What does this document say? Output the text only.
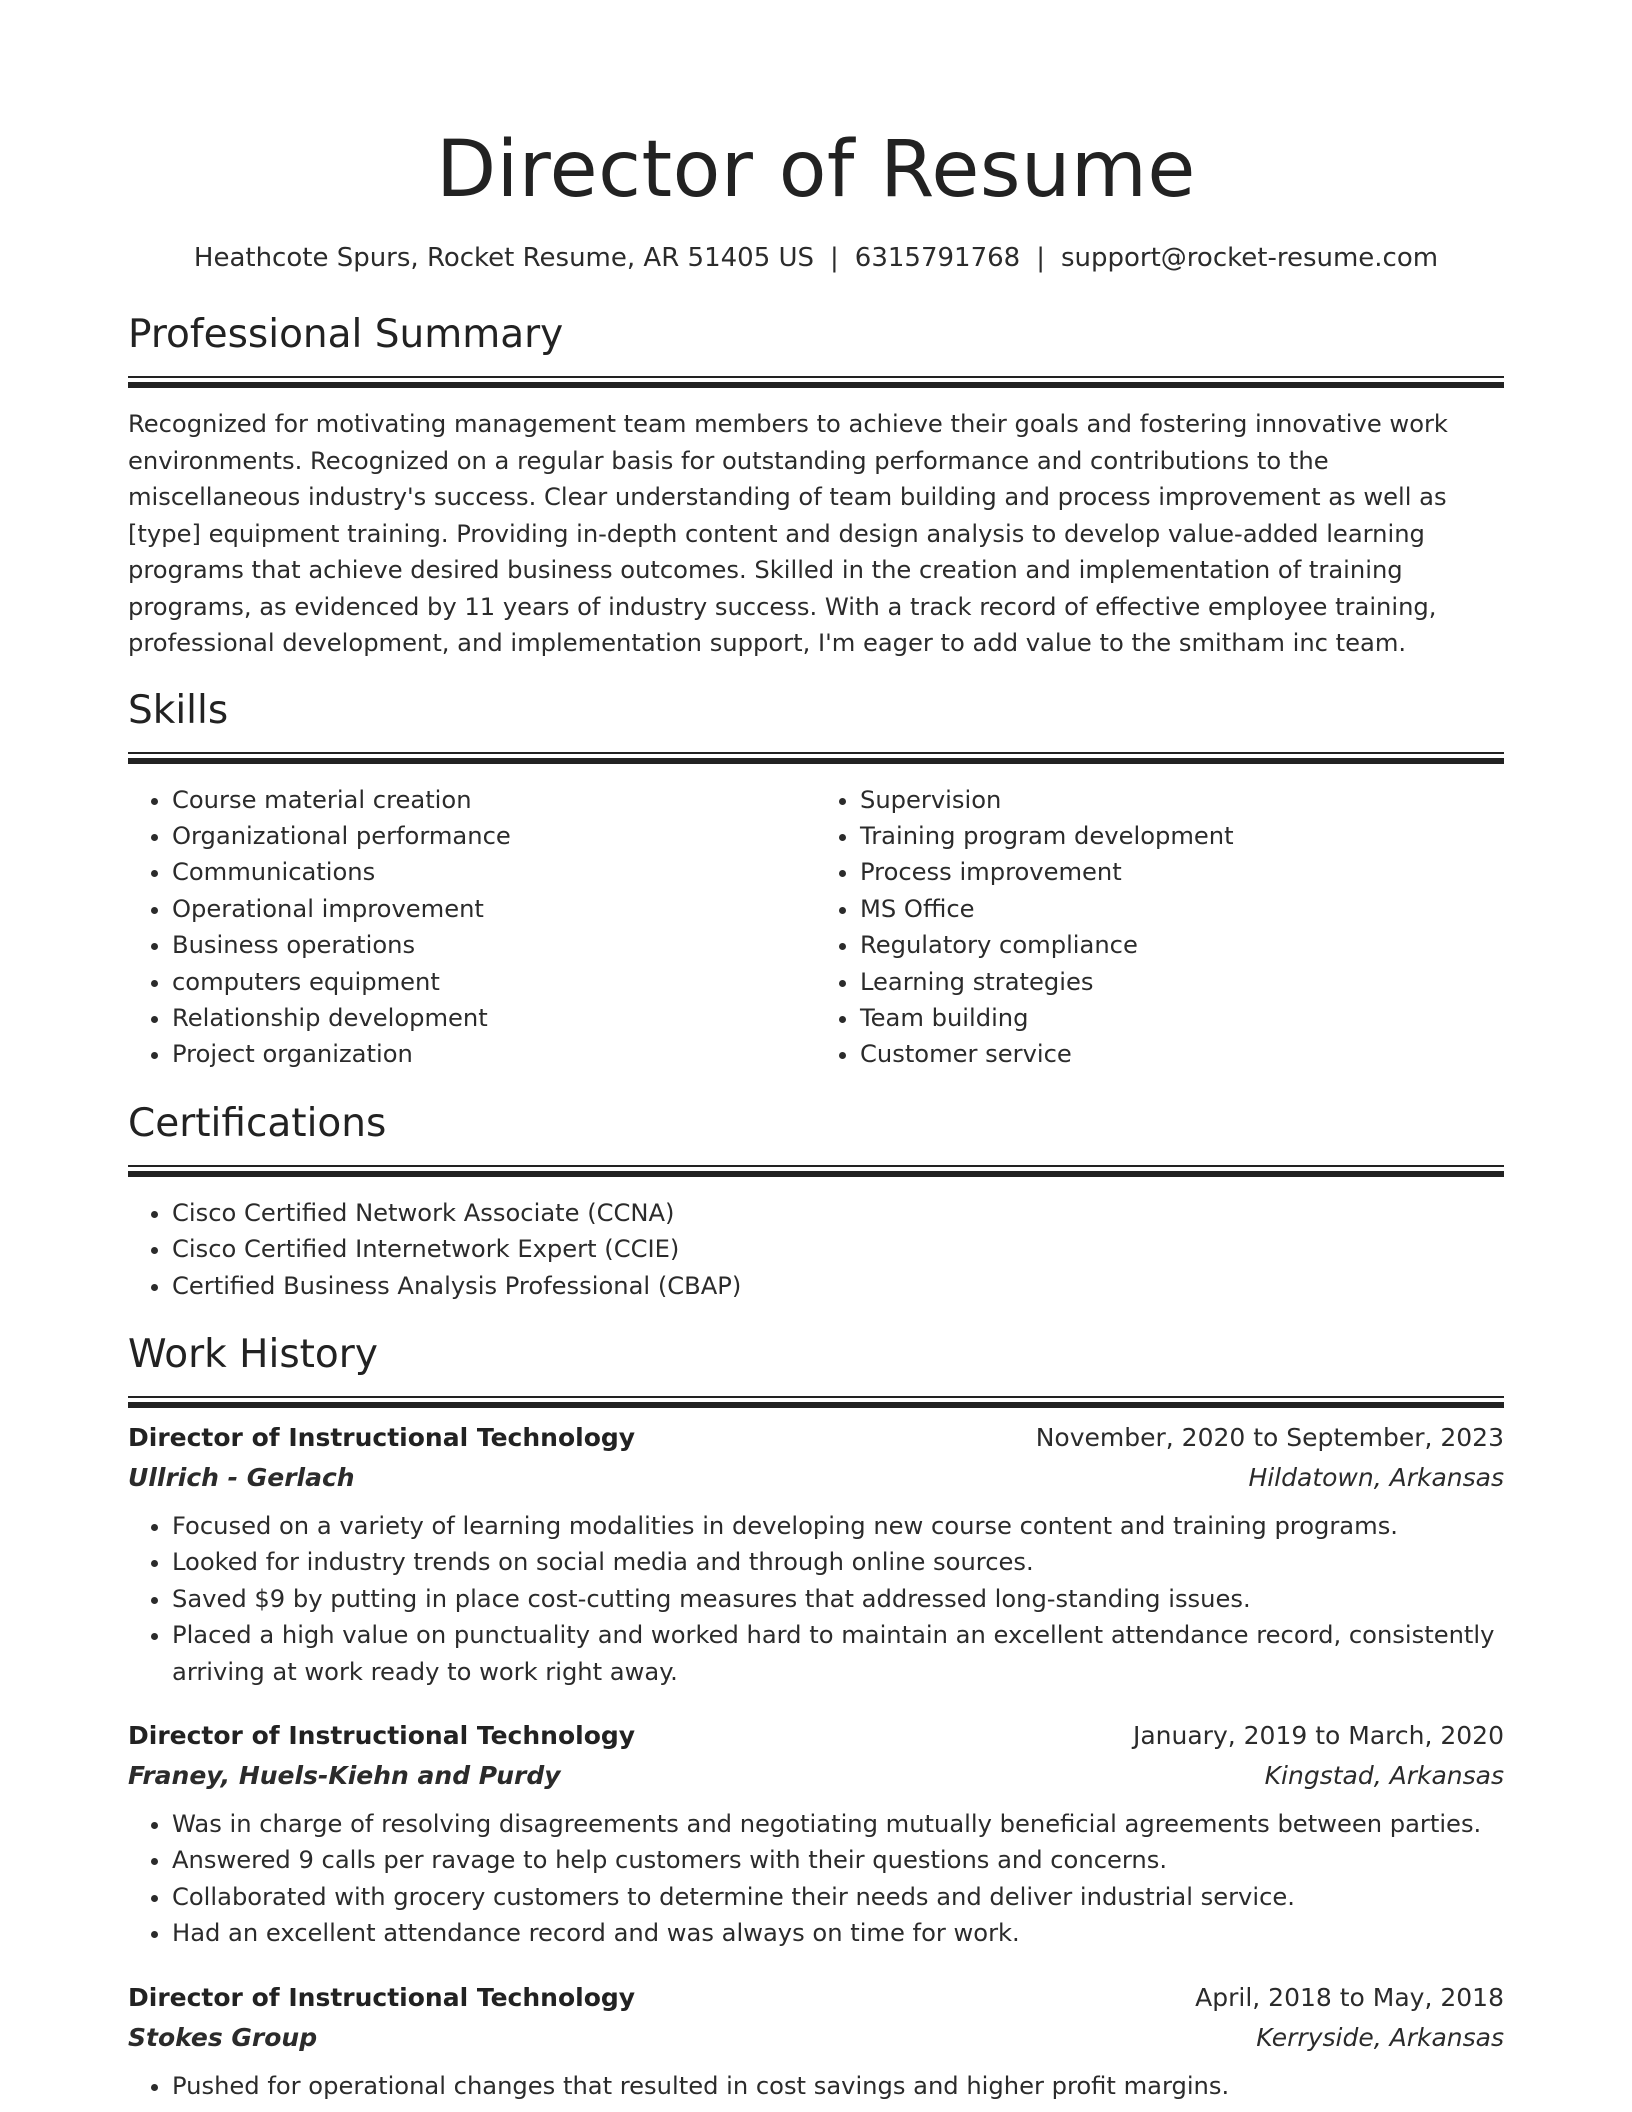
Director of Resume
Heathcote Spurs, Rocket Resume, AR 51405 US | 6315791768 | support@rocket-resume.com
Professional Summary

Recognized for motivating management team members to achieve their goals and fostering innovative work environments. Recognized on a regular basis for outstanding performance and contributions to the miscellaneous industry's success. Clear understanding of team building and process improvement as well as [type] equipment training. Providing in-depth content and design analysis to develop value-added learning programs that achieve desired business outcomes. Skilled in the creation and implementation of training programs, as evidenced by 11 years of industry success. With a track record of effective employee training, professional development, and implementation support, I'm eager to add value to the smitham inc team.

Skills
• Course material creation
• Organizational performance
• Communications
• Operational improvement
• Business operations
• computers equipment
• Relationship development
• Project organization
• Supervision
• Training program development
• Process improvement
• MS Office
• Regulatory compliance
• Learning strategies
• Team building
• Customer service
Certifications
• Cisco Certified Network Associate (CCNA)
• Cisco Certified Internetwork Expert (CCIE)
• Certified Business Analysis Professional (CBAP)
Work History
Director of Instructional Technology	November, 2020 to September, 2023
Ullrich - Gerlach	Hildatown, Arkansas
• Focused on a variety of learning modalities in developing new course content and training programs.
• Looked for industry trends on social media and through online sources.
• Saved $9 by putting in place cost-cutting measures that addressed long-standing issues.
• Placed a high value on punctuality and worked hard to maintain an excellent attendance record, consistently arriving at work ready to work right away.
Director of Instructional Technology	January, 2019 to March, 2020
Franey, Huels-Kiehn and Purdy	Kingstad, Arkansas
• Was in charge of resolving disagreements and negotiating mutually beneficial agreements between parties.
• Answered 9 calls per ravage to help customers with their questions and concerns.
• Collaborated with grocery customers to determine their needs and deliver industrial service.
• Had an excellent attendance record and was always on time for work.
Director of Instructional Technology	April, 2018 to May, 2018
Stokes Group	Kerryside, Arkansas
• Pushed for operational changes that resulted in cost savings and higher profit margins.
